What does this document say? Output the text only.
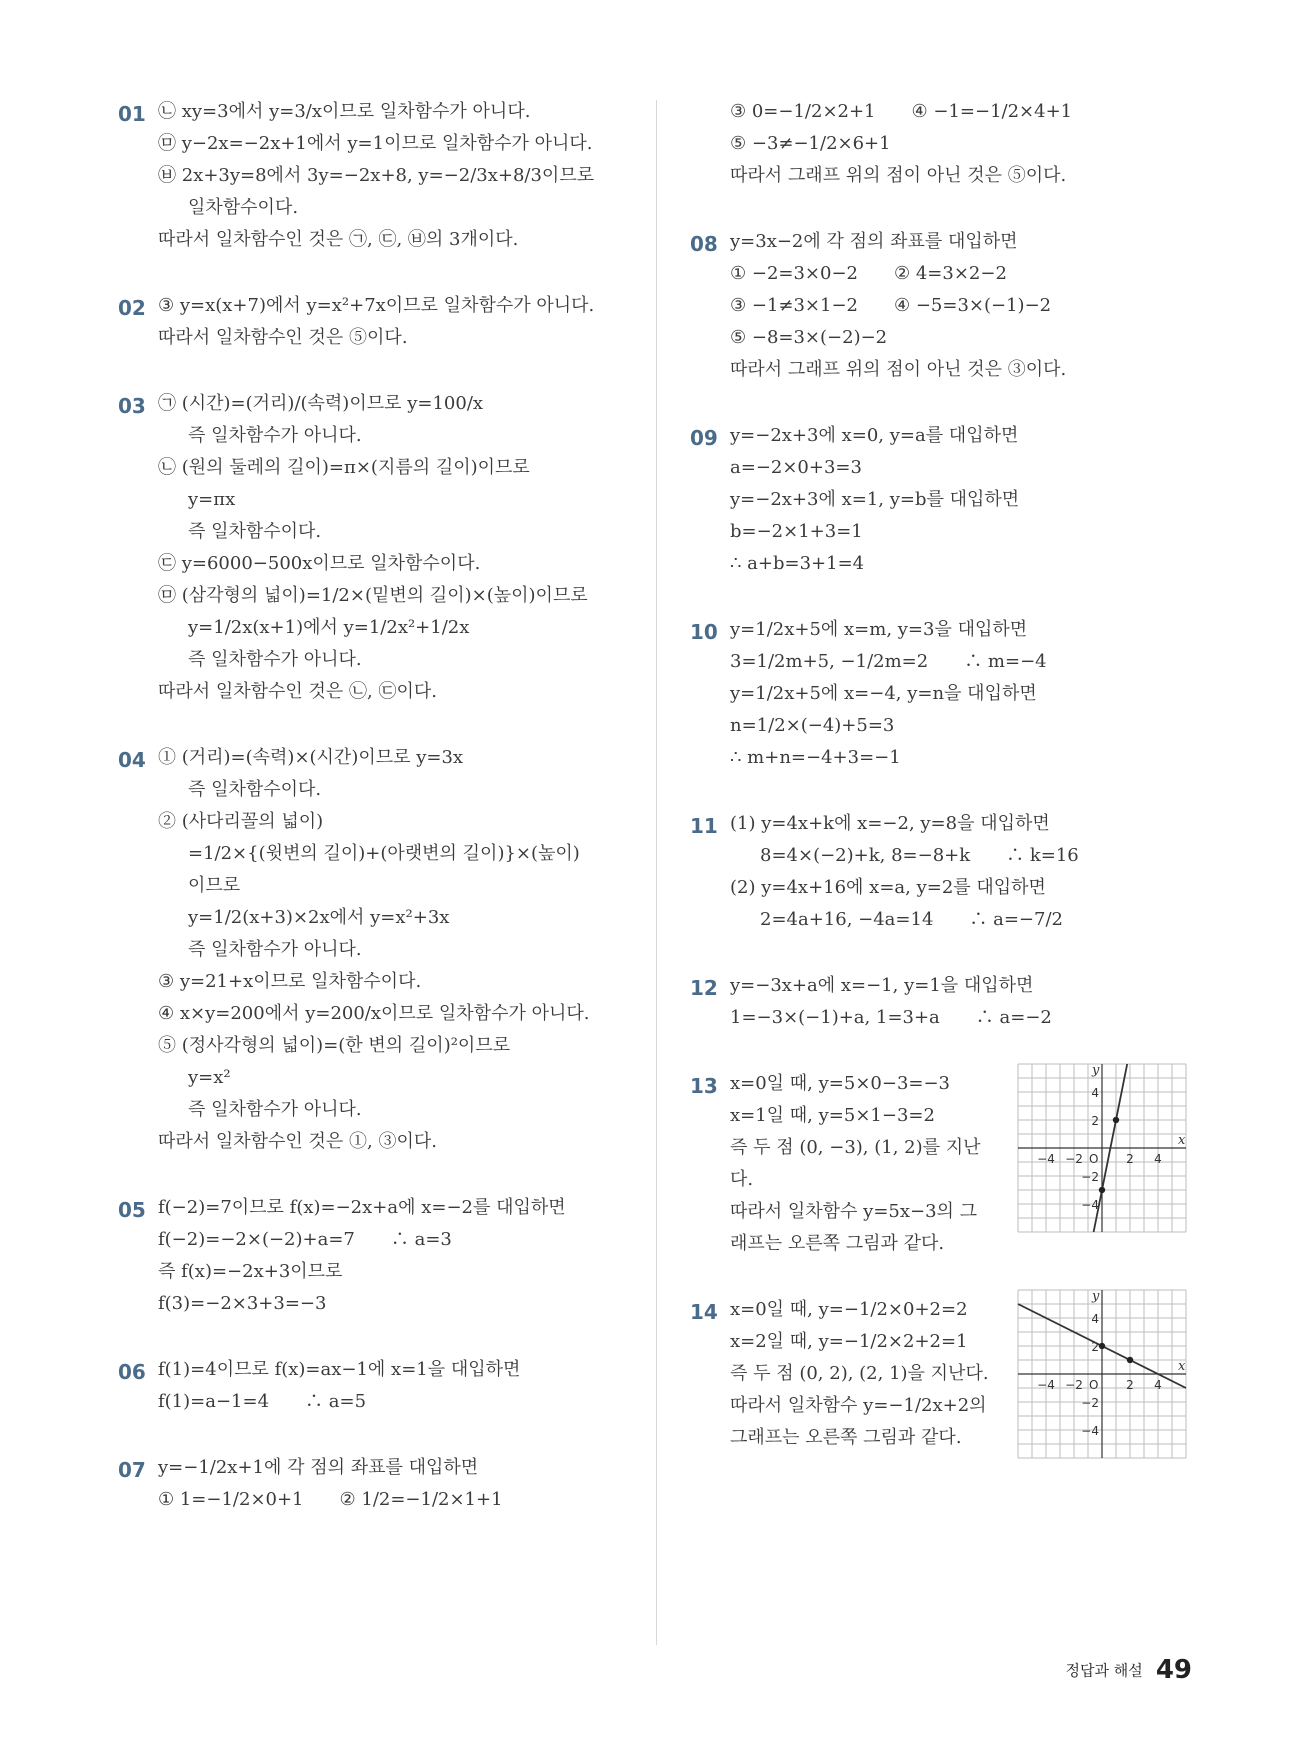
01 ㉡ xy=3에서 y=3/x이므로 일차함수가 아니다.
㉤ y−2x=−2x+1에서 y=1이므로 일차함수가 아니다.
㉥ 2x+3y=8에서 3y=−2x+8, y=−2/3x+8/3이므로
일차함수이다.
따라서 일차함수인 것은 ㉠, ㉢, ㉥의 3개이다.
02 ③ y=x(x+7)에서 y=x²+7x이므로 일차함수가 아니다.
따라서 일차함수인 것은 ⑤이다.
03 ㉠ (시간)=(거리)/(속력)이므로 y=100/x
즉 일차함수가 아니다.
㉡ (원의 둘레의 길이)=π×(지름의 길이)이므로
y=πx
즉 일차함수이다.
㉢ y=6000−500x이므로 일차함수이다.
㉤ (삼각형의 넓이)=1/2×(밑변의 길이)×(높이)이므로
y=1/2x(x+1)에서 y=1/2x²+1/2x
즉 일차함수가 아니다.
따라서 일차함수인 것은 ㉡, ㉢이다.
04 ① (거리)=(속력)×(시간)이므로 y=3x
즉 일차함수이다.
② (사다리꼴의 넓이)
=1/2×{(윗변의 길이)+(아랫변의 길이)}×(높이)
이므로
y=1/2(x+3)×2x에서 y=x²+3x
즉 일차함수가 아니다.
③ y=21+x이므로 일차함수이다.
④ x×y=200에서 y=200/x이므로 일차함수가 아니다.
⑤ (정사각형의 넓이)=(한 변의 길이)²이므로
y=x²
즉 일차함수가 아니다.
따라서 일차함수인 것은 ①, ③이다.
05 f(−2)=7이므로 f(x)=−2x+a에 x=−2를 대입하면
f(−2)=−2×(−2)+a=7　　∴ a=3
즉 f(x)=−2x+3이므로
f(3)=−2×3+3=−3
06 f(1)=4이므로 f(x)=ax−1에 x=1을 대입하면
f(1)=a−1=4　　∴ a=5
07 y=−1/2x+1에 각 점의 좌표를 대입하면
① 1=−1/2×0+1　　② 1/2=−1/2×1+1
③ 0=−1/2×2+1　　④ −1=−1/2×4+1
⑤ −3≠−1/2×6+1
따라서 그래프 위의 점이 아닌 것은 ⑤이다.
08 y=3x−2에 각 점의 좌표를 대입하면
① −2=3×0−2　　② 4=3×2−2
③ −1≠3×1−2　　④ −5=3×(−1)−2
⑤ −8=3×(−2)−2
따라서 그래프 위의 점이 아닌 것은 ③이다.
09 y=−2x+3에 x=0, y=a를 대입하면
a=−2×0+3=3
y=−2x+3에 x=1, y=b를 대입하면
b=−2×1+3=1
∴ a+b=3+1=4
10 y=1/2x+5에 x=m, y=3을 대입하면
3=1/2m+5, −1/2m=2　　∴ m=−4
y=1/2x+5에 x=−4, y=n을 대입하면
n=1/2×(−4)+5=3
∴ m+n=−4+3=−1
11 (1) y=4x+k에 x=−2, y=8을 대입하면
8=4×(−2)+k, 8=−8+k　　∴ k=16
(2) y=4x+16에 x=a, y=2를 대입하면
2=4a+16, −4a=14　　∴ a=−7/2
12 y=−3x+a에 x=−1, y=1을 대입하면
1=−3×(−1)+a, 1=3+a　　∴ a=−2
13 x=0일 때, y=5×0−3=−3
x=1일 때, y=5×1−3=2
즉 두 점 (0, −3), (1, 2)를 지난
다.
따라서 일차함수 y=5x−3의 그
래프는 오른쪽 그림과 같다.
x
y
O
−4 −2	2 4
4
2
−2
−4
14 x=0일 때, y=−1/2×0+2=2
x=2일 때, y=−1/2×2+2=1
즉 두 점 (0, 2), (2, 1)을 지난다.
따라서 일차함수 y=−1/2x+2의
그래프는 오른쪽 그림과 같다.
x
y
O
−4 −2	2 4
4
2
−2
−4
정답과 해설 49
